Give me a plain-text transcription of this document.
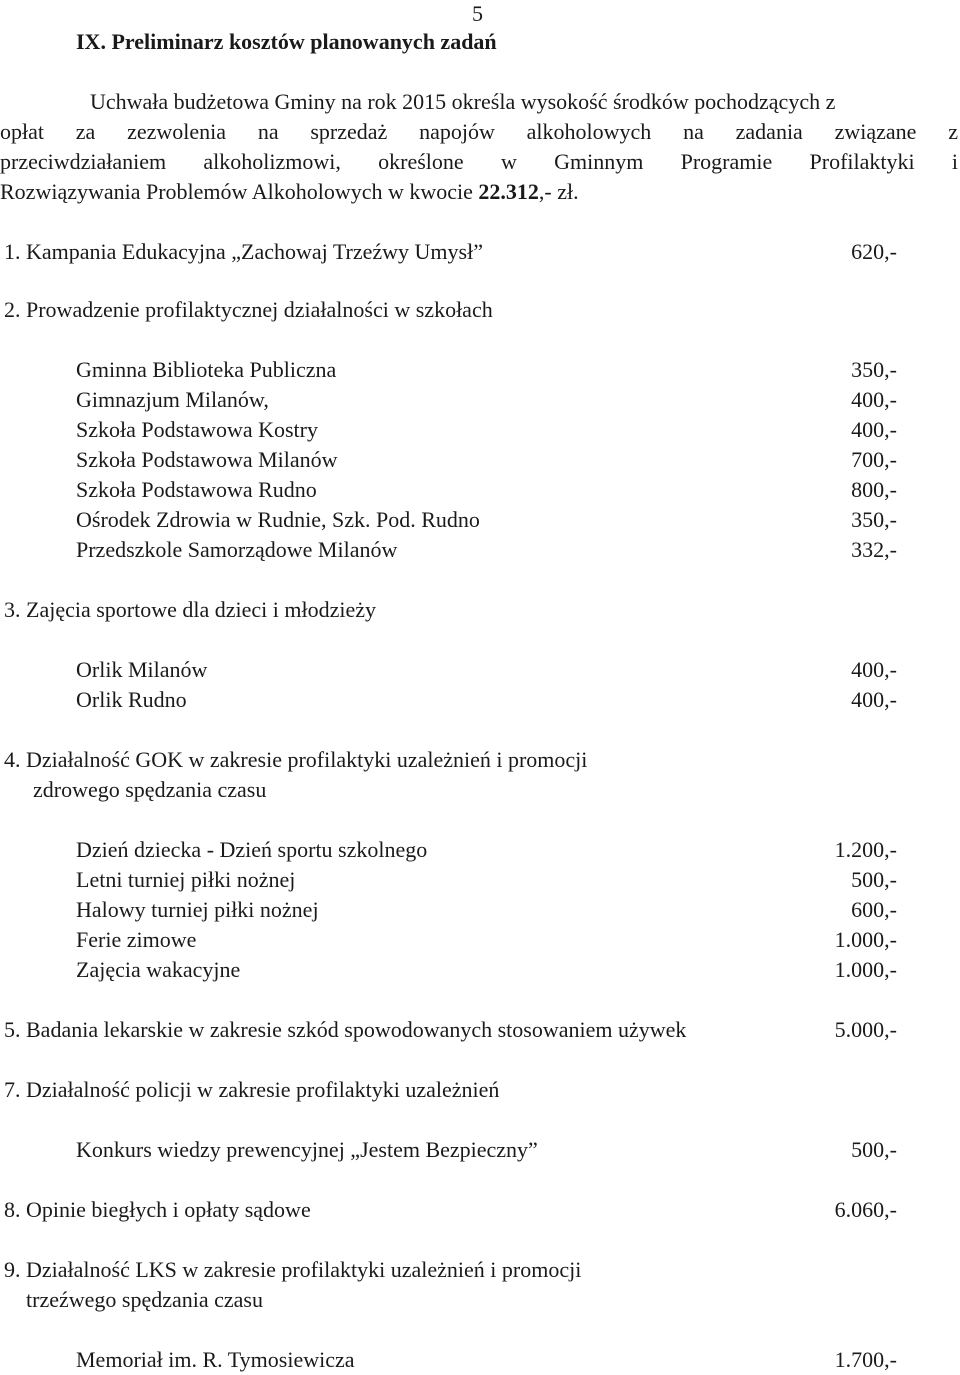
5
IX. Preliminarz kosztów planowanych zadań
Uchwała budżetowa Gminy na rok 2015 określa wysokość środków pochodzących z
opłat za zezwolenia na sprzedaż napojów alkoholowych na zadania związane z
przeciwdziałaniem alkoholizmowi, określone w Gminnym Programie Profilaktyki i
Rozwiązywania Problemów Alkoholowych w kwocie 22.312,- zł.
1. Kampania Edukacyjna „Zachowaj Trzeźwy Umysł”	620,-
2. Prowadzenie profilaktycznej działalności w szkołach
Gminna Biblioteka Publiczna	350,-
Gimnazjum Milanów,	400,-
Szkoła Podstawowa Kostry	400,-
Szkoła Podstawowa Milanów	700,-
Szkoła Podstawowa Rudno	800,-
Ośrodek Zdrowia w Rudnie, Szk. Pod. Rudno	350,-
Przedszkole Samorządowe Milanów	332,-
3. Zajęcia sportowe dla dzieci i młodzieży
Orlik Milanów	400,-
Orlik Rudno	400,-
4. Działalność GOK w zakresie profilaktyki uzależnień i promocji
zdrowego spędzania czasu
Dzień dziecka - Dzień sportu szkolnego	1.200,-
Letni turniej piłki nożnej	500,-
Halowy turniej piłki nożnej	600,-
Ferie zimowe	1.000,-
Zajęcia wakacyjne	1.000,-
5. Badania lekarskie w zakresie szkód spowodowanych stosowaniem używek	5.000,-
7. Działalność policji w zakresie profilaktyki uzależnień
Konkurs wiedzy prewencyjnej „Jestem Bezpieczny”	500,-
8. Opinie biegłych i opłaty sądowe	6.060,-
9. Działalność LKS w zakresie profilaktyki uzależnień i promocji
trzeźwego spędzania czasu
Memoriał im. R. Tymosiewicza	1.700,-
